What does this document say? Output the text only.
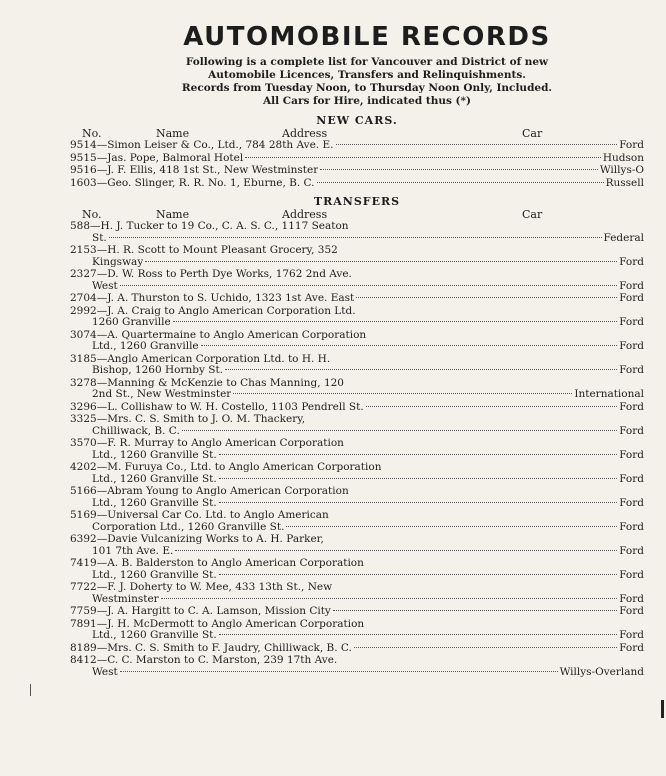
AUTOMOBILE RECORDS
Following is a complete list for Vancouver and District of new
Automobile Licences, Transfers and Relinquishments.
Records from Tuesday Noon, to Thursday Noon Only, Included.
All Cars for Hire, indicated thus (*)
NEW CARS.
No.	Name	Address	Car
9514—Simon Leiser & Co., Ltd., 784 28th Ave. E.	Ford
9515—Jas. Pope, Balmoral Hotel	Hudson
9516—J. F. Ellis, 418 1st St., New Westminster	Willys-O
1603—Geo. Slinger, R. R. No. 1, Eburne, B. C.	Russell
TRANSFERS
No.	Name	Address	Car
588—H. J. Tucker to 19 Co., C. A. S. C., 1117 Seaton
St.	Federal
2153—H. R. Scott to Mount Pleasant Grocery, 352
Kingsway	Ford
2327—D. W. Ross to Perth Dye Works, 1762 2nd Ave.
West	Ford
2704—J. A. Thurston to S. Uchido, 1323 1st Ave. East	Ford
2992—J. A. Craig to Anglo American Corporation Ltd.
1260 Granville	Ford
3074—A. Quartermaine to Anglo American Corporation
Ltd., 1260 Granville	Ford
3185—Anglo American Corporation Ltd. to H. H.
Bishop, 1260 Hornby St.	Ford
3278—Manning & McKenzie to Chas Manning, 120
2nd St., New Westminster	International
3296—L. Collishaw to W. H. Costello, 1103 Pendrell St.	Ford
3325—Mrs. C. S. Smith to J. O. M. Thackery,
Chilliwack, B. C.	Ford
3570—F. R. Murray to Anglo American Corporation
Ltd., 1260 Granville St.	Ford
4202—M. Furuya Co., Ltd. to Anglo American Corporation
Ltd., 1260 Granville St.	Ford
5166—Abram Young to Anglo American Corporation
Ltd., 1260 Granville St.	Ford
5169—Universal Car Co. Ltd. to Anglo American
Corporation Ltd., 1260 Granville St.	Ford
6392—Davie Vulcanizing Works to A. H. Parker,
101 7th Ave. E.	Ford
7419—A. B. Balderston to Anglo American Corporation
Ltd., 1260 Granville St.	Ford
7722—F. J. Doherty to W. Mee, 433 13th St., New
Westminster	Ford
7759—J. A. Hargitt to C. A. Lamson, Mission City	Ford
7891—J. H. McDermott to Anglo American Corporation
Ltd., 1260 Granville St.	Ford
8189—Mrs. C. S. Smith to F. Jaudry, Chilliwack, B. C.	Ford
8412—C. C. Marston to C. Marston, 239 17th Ave.
West	Willys-Overland
